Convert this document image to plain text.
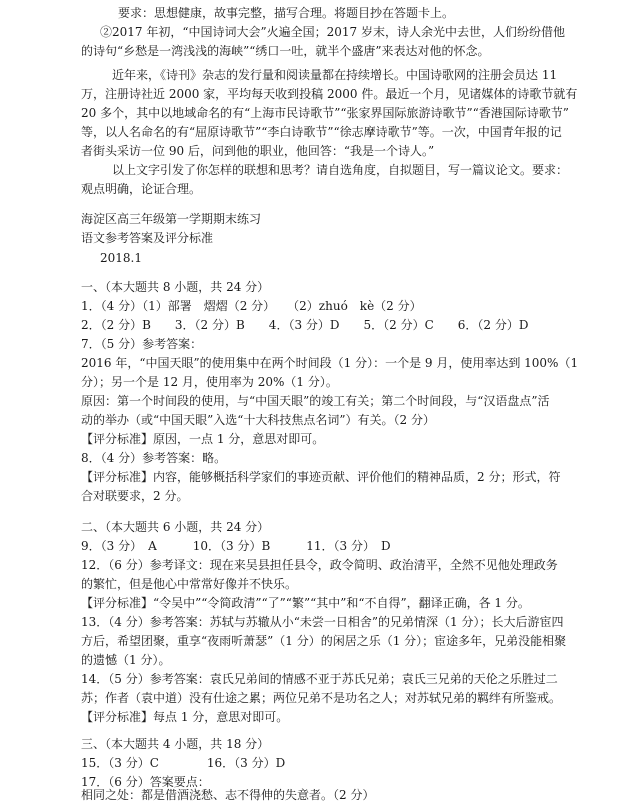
要求：思想健康，故事完整，描写合理。将题目抄在答题卡上。
②2017 年初，“中国诗词大会”火遍全国；2017 岁末，诗人余光中去世，人们纷纷借他
的诗句“乡愁是一湾浅浅的海峡”“绣口一吐，就半个盛唐”来表达对他的怀念。
近年来，《诗刊》杂志的发行量和阅读量都在持续增长。中国诗歌网的注册会员达 11
万，注册诗社近 2000 家，平均每天收到投稿 2000 件。最近一个月，见诸媒体的诗歌节就有
20 多个，其中以地域命名的有“上海市民诗歌节”“张家界国际旅游诗歌节”“香港国际诗歌节”
等，以人名命名的有“屈原诗歌节”“李白诗歌节”“徐志摩诗歌节”等。一次，中国青年报的记
者街头采访一位 90 后，问到他的职业，他回答：“我是一个诗人。”
以上文字引发了你怎样的联想和思考？请自选角度，自拟题目，写一篇议论文。要求：
观点明确，论证合理。
海淀区高三年级第一学期期末练习
语文参考答案及评分标准
2018.1
一、（本大题共 8 小题，共 24 分）
1．（4 分）（1）部署　熠熠（2 分）　　（2）zhuó　kè（2 分）
2．（2 分）B　　3．（2 分）B　　4．（3 分）D　　5．（2 分）C　　6．（2 分）D
7．（5 分）参考答案：
2016 年，“中国天眼”的使用集中在两个时间段（1 分）：一个是 9 月，使用率达到 100%（1
分）；另一个是 12 月，使用率为 20%（1 分）。
原因：第一个时间段的使用，与“中国天眼”的竣工有关；第二个时间段，与“汉语盘点”活
动的举办（或“中国天眼”入选“十大科技焦点名词”）有关。（2 分）
【评分标准】原因，一点 1 分，意思对即可。
8．（4 分）参考答案：略。
【评分标准】内容，能够概括科学家们的事迹贡献、评价他们的精神品质，2 分；形式，符
合对联要求，2 分。
二、（本大题共 6 小题，共 24 分）
9．（3 分）　A　　　10．（3 分）B　　　11．（3 分）　D
12．（6 分）参考译文：现在来吴县担任县令，政令简明、政治清平，全然不见他处理政务
的繁忙，但是他心中常常好像并不快乐。
【评分标准】“令吴中”“令简政清”“了”“繁”“其中”和“不自得”，翻译正确，各 1 分。
13．（4 分）参考答案：苏轼与苏辙从小“未尝一日相舍”的兄弟情深（1 分）；长大后游宦四
方后，希望团聚，重享“夜雨听萧瑟”（1 分）的闲居之乐（1 分）；宦途多年，兄弟没能相聚
的遗憾（1 分）。
14．（5 分）参考答案：袁氏兄弟间的情感不亚于苏氏兄弟；袁氏三兄弟的天伦之乐胜过二
苏；作者（袁中道）没有仕途之累；两位兄弟不是功名之人；对苏轼兄弟的羁绊有所鉴戒。
【评分标准】每点 1 分，意思对即可。
三、（本大题共 4 小题，共 18 分）
15．（3 分）C　　　　16．（3 分）D
17．（6 分）答案要点：
相同之处：都是借酒浇愁、志不得伸的失意者。（2 分）
